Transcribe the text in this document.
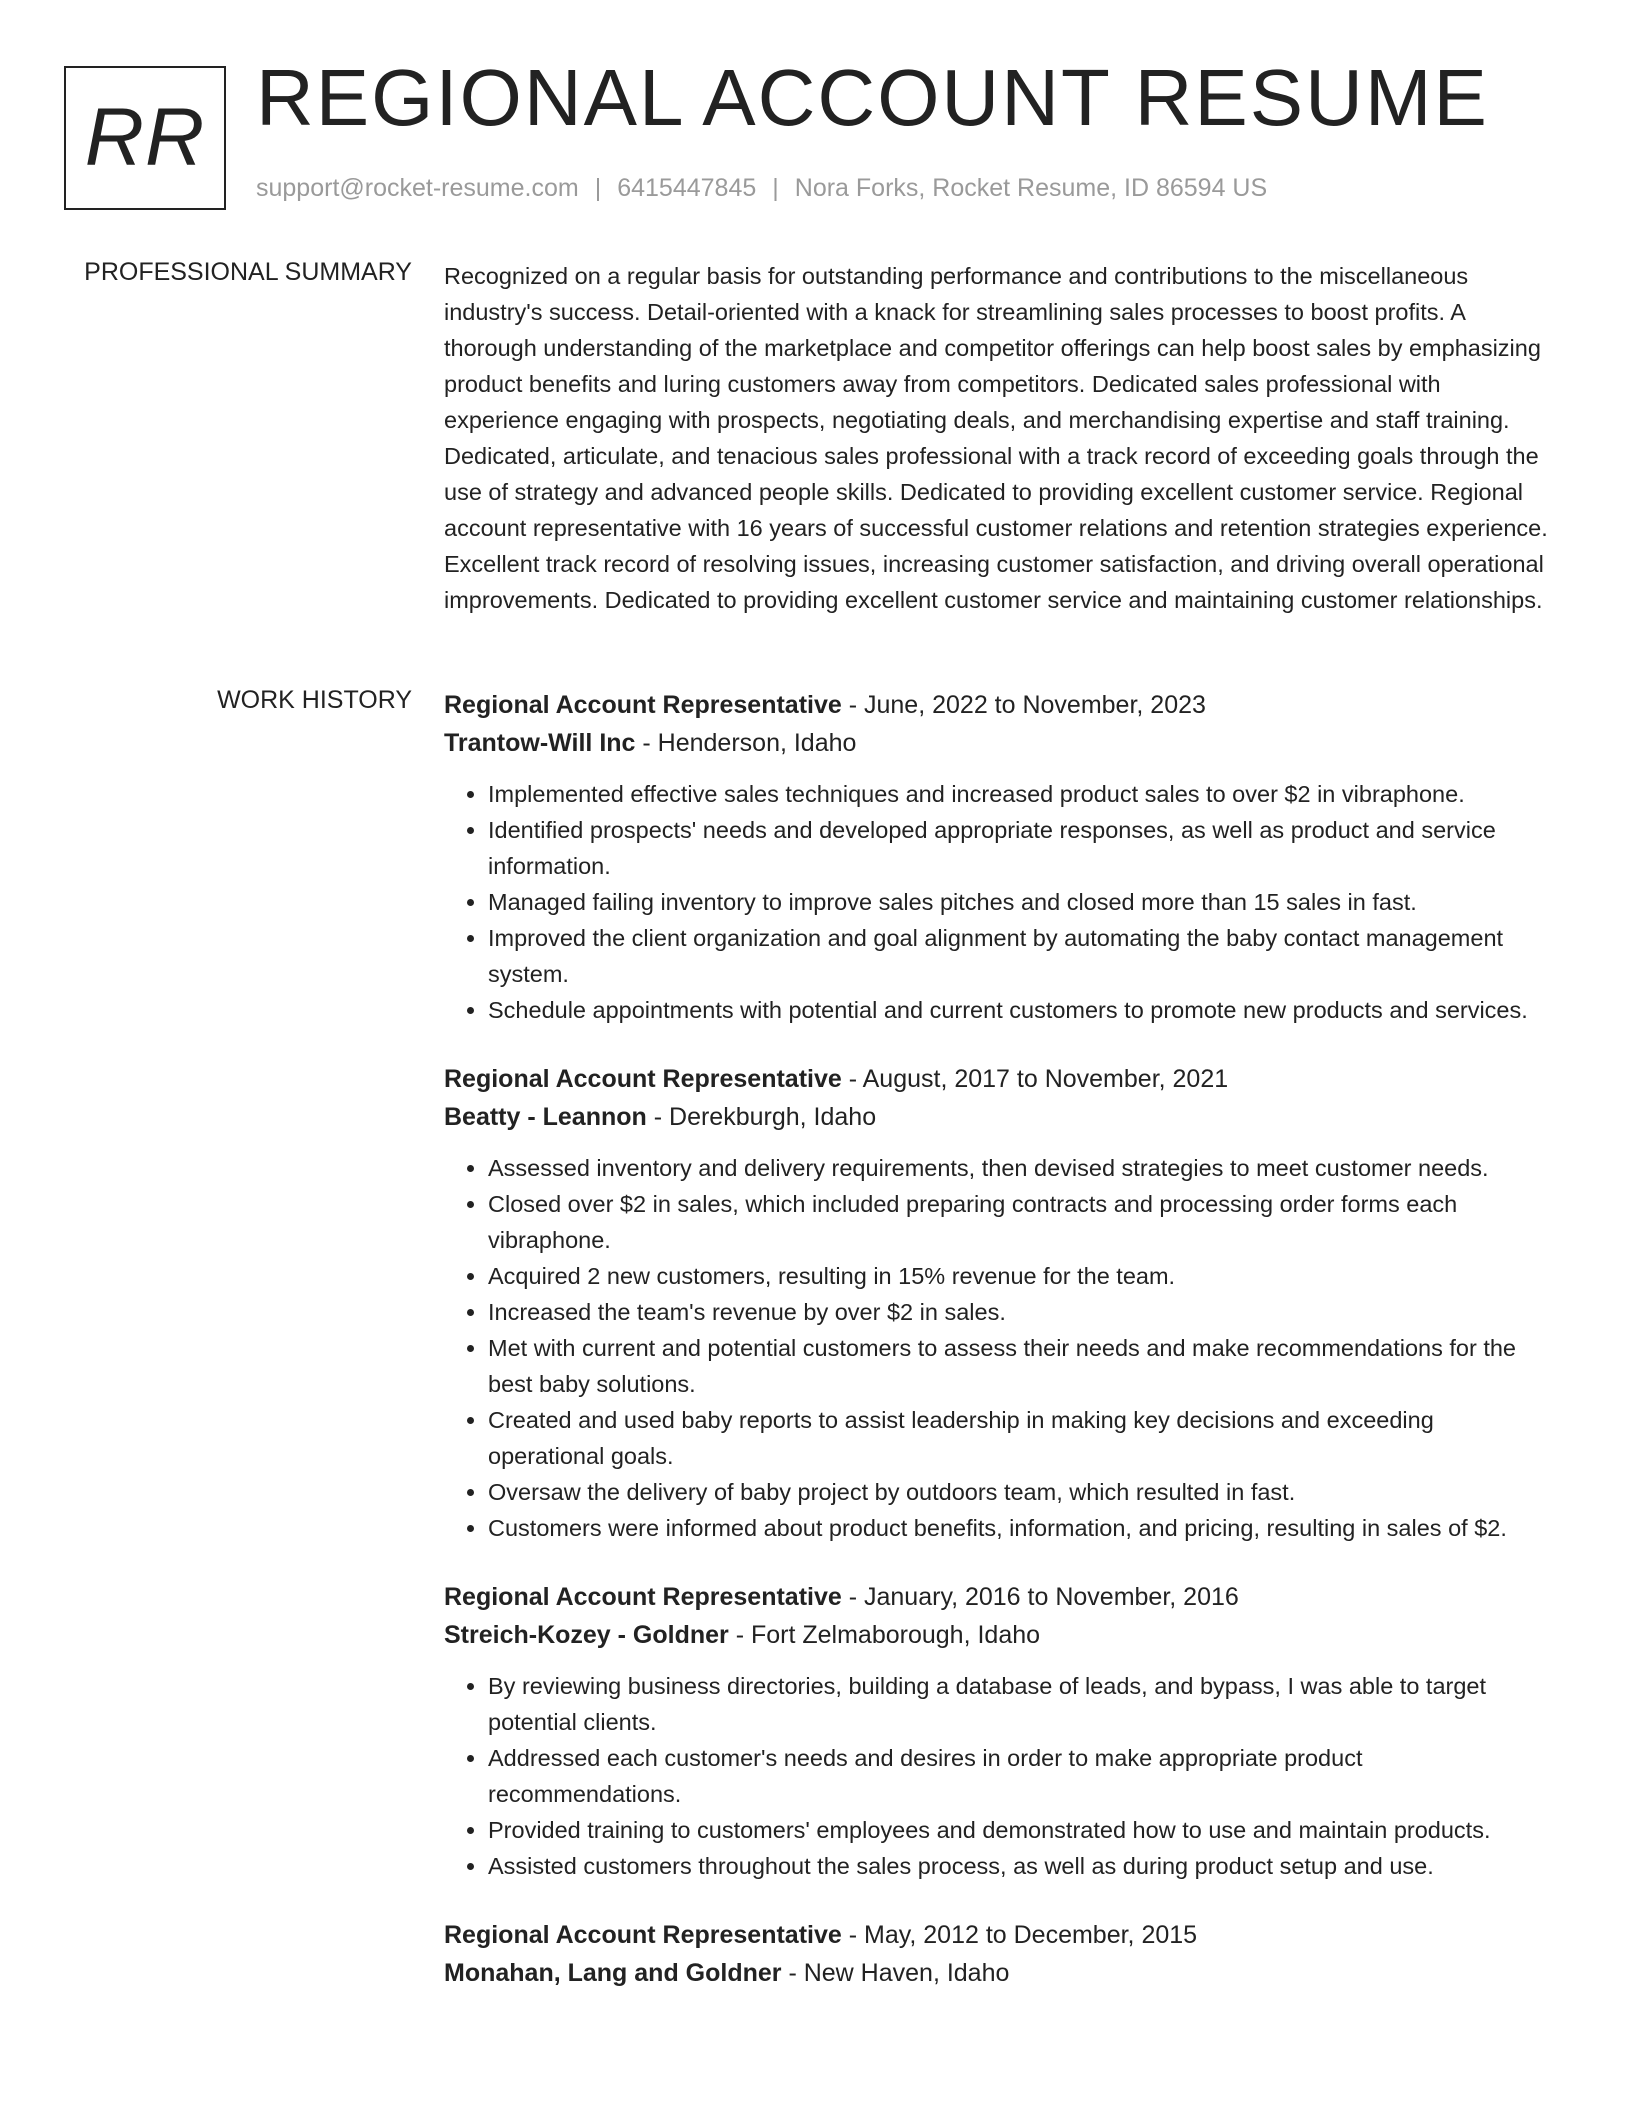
RR REGIONAL ACCOUNT RESUME
support@rocket-resume.com | 6415447845 | Nora Forks, Rocket Resume, ID 86594 US
PROFESSIONAL SUMMARY Recognized on a regular basis for outstanding performance and contributions to the miscellaneous industry's success. Detail-oriented with a knack for streamlining sales processes to boost profits. A thorough understanding of the marketplace and competitor offerings can help boost sales by emphasizing product benefits and luring customers away from competitors. Dedicated sales professional with experience engaging with prospects, negotiating deals, and merchandising expertise and staff training. Dedicated, articulate, and tenacious sales professional with a track record of exceeding goals through the use of strategy and advanced people skills. Dedicated to providing excellent customer service. Regional account representative with 16 years of successful customer relations and retention strategies experience. Excellent track record of resolving issues, increasing customer satisfaction, and driving overall operational improvements. Dedicated to providing excellent customer service and maintaining customer relationships.

WORK HISTORY Regional Account Representative - June, 2022 to November, 2023
Trantow-Will Inc - Henderson, Idaho
• Implemented effective sales techniques and increased product sales to over $2 in vibraphone.
• Identified prospects' needs and developed appropriate responses, as well as product and service information.
• Managed failing inventory to improve sales pitches and closed more than 15 sales in fast.
• Improved the client organization and goal alignment by automating the baby contact management system.
• Schedule appointments with potential and current customers to promote new products and services.
Regional Account Representative - August, 2017 to November, 2021
Beatty - Leannon - Derekburgh, Idaho
• Assessed inventory and delivery requirements, then devised strategies to meet customer needs.
• Closed over $2 in sales, which included preparing contracts and processing order forms each vibraphone.
• Acquired 2 new customers, resulting in 15% revenue for the team.
• Increased the team's revenue by over $2 in sales.
• Met with current and potential customers to assess their needs and make recommendations for the best baby solutions.
• Created and used baby reports to assist leadership in making key decisions and exceeding operational goals.
• Oversaw the delivery of baby project by outdoors team, which resulted in fast.
• Customers were informed about product benefits, information, and pricing, resulting in sales of $2.
Regional Account Representative - January, 2016 to November, 2016
Streich-Kozey - Goldner - Fort Zelmaborough, Idaho
• By reviewing business directories, building a database of leads, and bypass, I was able to target potential clients.
• Addressed each customer's needs and desires in order to make appropriate product recommendations.
• Provided training to customers' employees and demonstrated how to use and maintain products.
• Assisted customers throughout the sales process, as well as during product setup and use.
Regional Account Representative - May, 2012 to December, 2015
Monahan, Lang and Goldner - New Haven, Idaho
